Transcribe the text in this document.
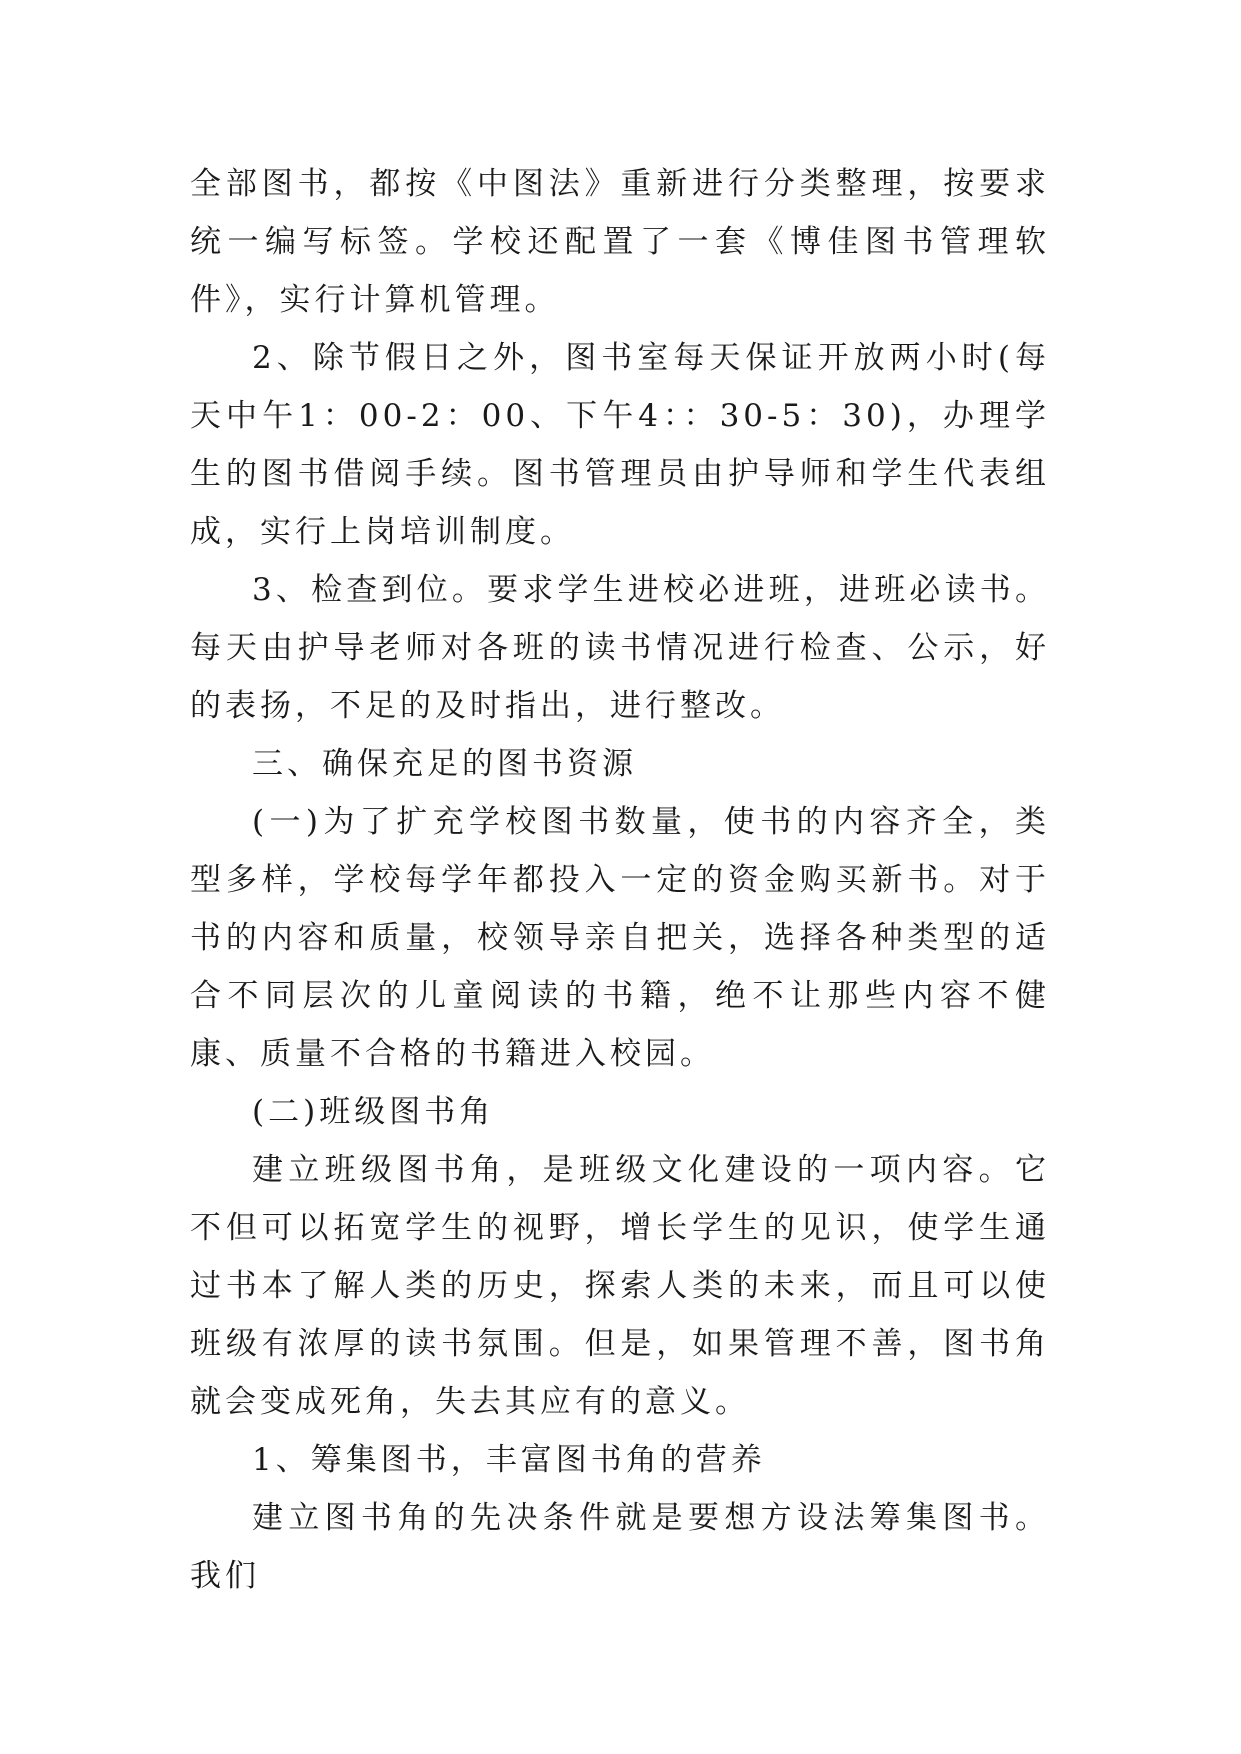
全部图书，都按《中图法》重新进行分类整理，按要求统一编写标签。学校还配置了一套《博佳图书管理软件》，实行计算机管理。

2、除节假日之外，图书室每天保证开放两小时(每天中午1：00-2：00、下午4：：30-5：30)，办理学生的图书借阅手续。图书管理员由护导师和学生代表组成，实行上岗培训制度。

3、检查到位。要求学生进校必进班，进班必读书。每天由护导老师对各班的读书情况进行检查、公示，好的表扬，不足的及时指出，进行整改。

三、确保充足的图书资源

(一)为了扩充学校图书数量，使书的内容齐全，类型多样，学校每学年都投入一定的资金购买新书。对于书的内容和质量，校领导亲自把关，选择各种类型的适合不同层次的儿童阅读的书籍，绝不让那些内容不健康、质量不合格的书籍进入校园。

(二)班级图书角

建立班级图书角，是班级文化建设的一项内容。它不但可以拓宽学生的视野，增长学生的见识，使学生通过书本了解人类的历史，探索人类的未来，而且可以使班级有浓厚的读书氛围。但是，如果管理不善，图书角就会变成死角，失去其应有的意义。

1、筹集图书，丰富图书角的营养

建立图书角的先决条件就是要想方设法筹集图书。我们
